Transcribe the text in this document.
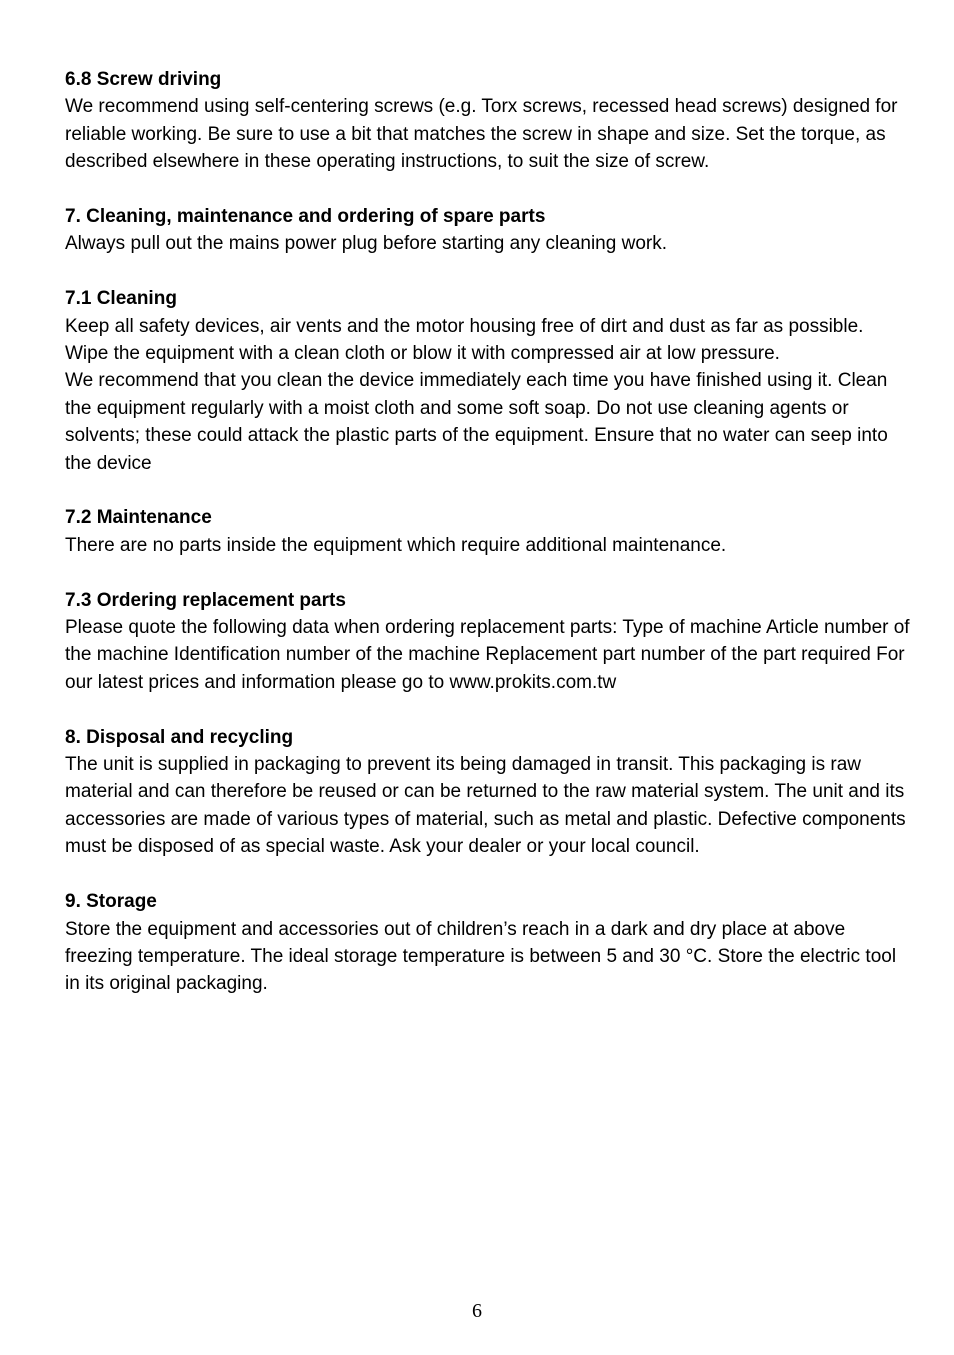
6.8 Screw driving

We recommend using self-centering screws (e.g. Torx screws, recessed head screws) designed for reliable working. Be sure to use a bit that matches the screw in shape and size. Set the torque, as described elsewhere in these operating instructions, to suit the size of screw.

7. Cleaning, maintenance and ordering of spare parts

Always pull out the mains power plug before starting any cleaning work.

7.1 Cleaning

Keep all safety devices, air vents and the motor housing free of dirt and dust as far as possible.

Wipe the equipment with a clean cloth or blow it with compressed air at low pressure.

We recommend that you clean the device immediately each time you have finished using it. Clean the equipment regularly with a moist cloth and some soft soap. Do not use cleaning agents or solvents; these could attack the plastic parts of the equipment. Ensure that no water can seep into the device

7.2 Maintenance

There are no parts inside the equipment which require additional maintenance.

7.3 Ordering replacement parts

Please quote the following data when ordering replacement parts: Type of machine Article number of the machine Identification number of the machine Replacement part number of the part required For our latest prices and information please go to www.prokits.com.tw

8. Disposal and recycling

The unit is supplied in packaging to prevent its being damaged in transit. This packaging is raw material and can therefore be reused or can be returned to the raw material system. The unit and its accessories are made of various types of material, such as metal and plastic. Defective components must be disposed of as special waste. Ask your dealer or your local council.

9. Storage

Store the equipment and accessories out of children’s reach in a dark and dry place at above freezing temperature. The ideal storage temperature is between 5 and 30 °C. Store the electric tool in its original packaging.

6
